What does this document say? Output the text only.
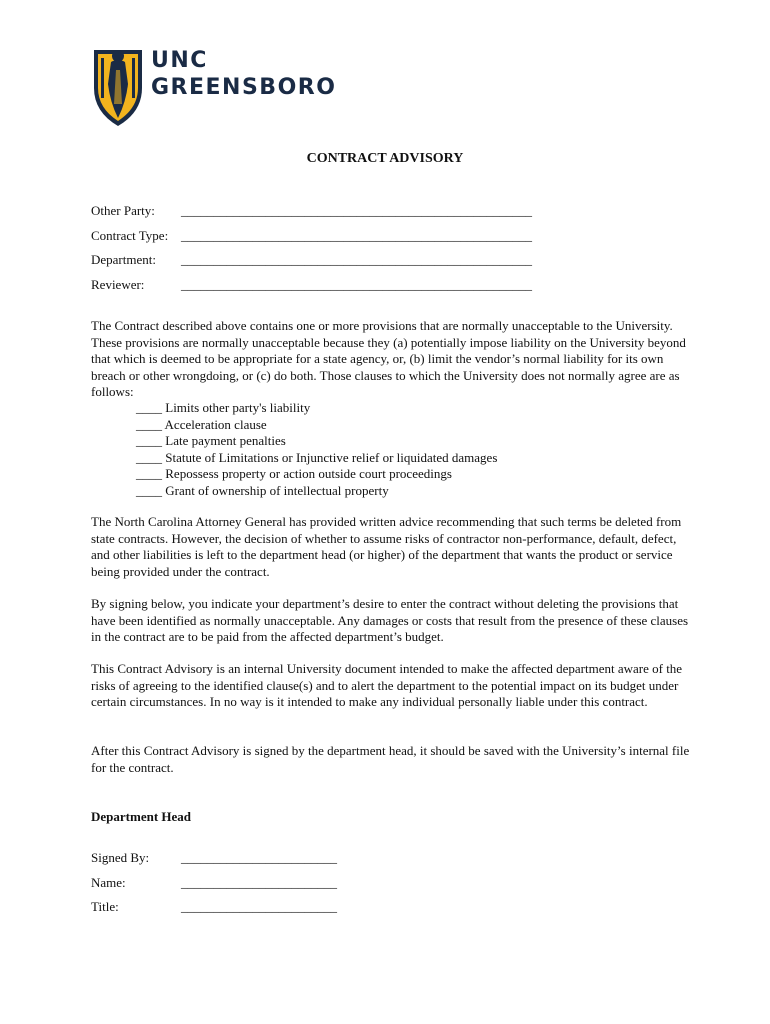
UNC
GREENSBORO
CONTRACT ADVISORY
Other Party:	______________________________________________________
Contract Type: ______________________________________________________
Department:	______________________________________________________
Reviewer:	______________________________________________________

The Contract described above contains one or more provisions that are normally unacceptable to the University. These provisions are normally unacceptable because they (a) potentially impose liability on the University beyond that which is deemed to be appropriate for a state agency, or, (b) limit the vendor’s normal liability for its own breach or other wrongdoing, or (c) do both. Those clauses to which the University does not normally agree are as follows:

____ Limits other party's liability
____ Acceleration clause
____ Late payment penalties
____ Statute of Limitations or Injunctive relief or liquidated damages
____ Repossess property or action outside court proceedings
____ Grant of ownership of intellectual property

The North Carolina Attorney General has provided written advice recommending that such terms be deleted from state contracts. However, the decision of whether to assume risks of contractor non-performance, default, defect, and other liabilities is left to the department head (or higher) of the department that wants the product or service being provided under the contract.

By signing below, you indicate your department’s desire to enter the contract without deleting the provisions that have been identified as normally unacceptable. Any damages or costs that result from the presence of these clauses in the contract are to be paid from the affected department’s budget.

This Contract Advisory is an internal University document intended to make the affected department aware of the risks of agreeing to the identified clause(s) and to alert the department to the potential impact on its budget under certain circumstances. In no way is it intended to make any individual personally liable under this contract.

After this Contract Advisory is signed by the department head, it should be saved with the University’s internal file for the contract.

Department Head
Signed By:	________________________
Name:	________________________
Title:	________________________
